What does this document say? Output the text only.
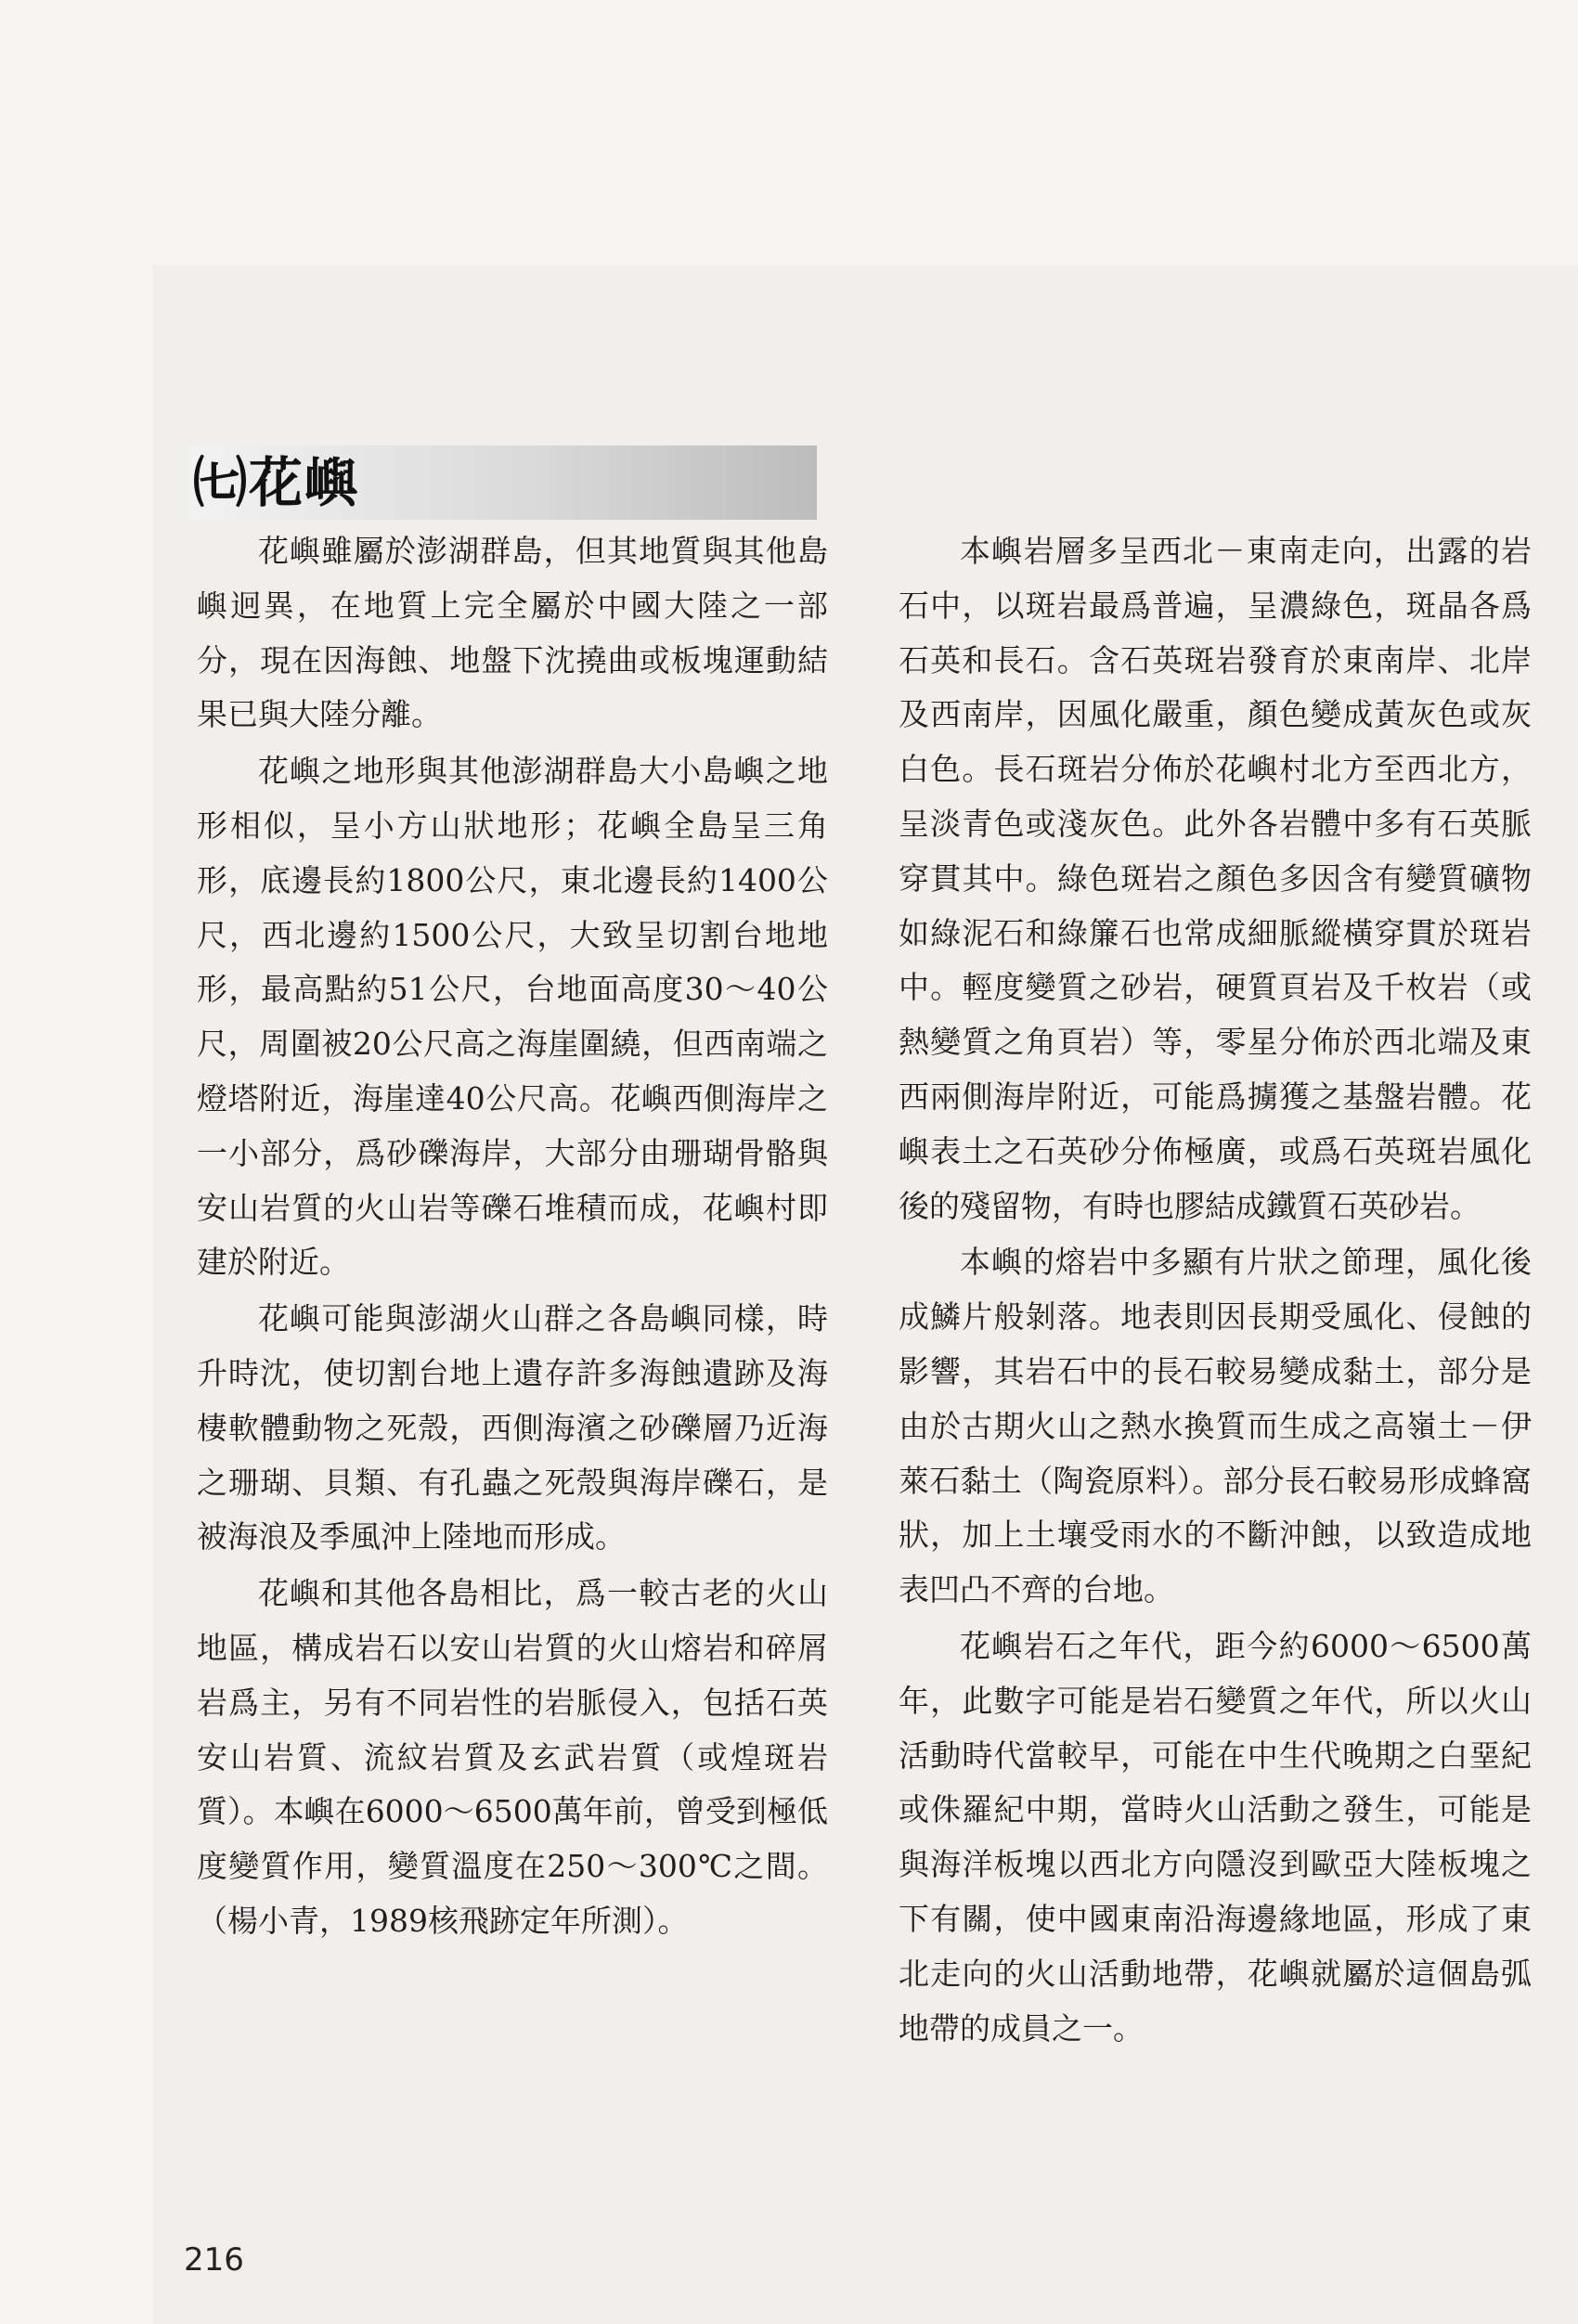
㈦花嶼

花嶼雖屬於澎湖群島，但其地質與其他島嶼迥異，在地質上完全屬於中國大陸之一部分，現在因海蝕、地盤下沈撓曲或板塊運動結果已與大陸分離。

花嶼之地形與其他澎湖群島大小島嶼之地形相似，呈小方山狀地形；花嶼全島呈三角形，底邊長約1800公尺，東北邊長約1400公尺，西北邊約1500公尺，大致呈切割台地地形，最高點約51公尺，台地面高度30～40公尺，周圍被20公尺高之海崖圍繞，但西南端之燈塔附近，海崖達40公尺高。花嶼西側海岸之一小部分，爲砂礫海岸，大部分由珊瑚骨骼與安山岩質的火山岩等礫石堆積而成，花嶼村即建於附近。

花嶼可能與澎湖火山群之各島嶼同樣，時升時沈，使切割台地上遺存許多海蝕遺跡及海棲軟體動物之死殼，西側海濱之砂礫層乃近海之珊瑚、貝類、有孔蟲之死殼與海岸礫石，是被海浪及季風沖上陸地而形成。

花嶼和其他各島相比，爲一較古老的火山地區，構成岩石以安山岩質的火山熔岩和碎屑岩爲主，另有不同岩性的岩脈侵入，包括石英安山岩質、流紋岩質及玄武岩質（或煌斑岩質）。本嶼在6000～6500萬年前，曾受到極低度變質作用，變質溫度在250～300℃之間。（楊小青，1989核飛跡定年所測）。

本嶼岩層多呈西北－東南走向，出露的岩石中，以斑岩最爲普遍，呈濃綠色，斑晶各爲石英和長石。含石英斑岩發育於東南岸、北岸及西南岸，因風化嚴重，顏色變成黃灰色或灰白色。長石斑岩分佈於花嶼村北方至西北方，呈淡青色或淺灰色。此外各岩體中多有石英脈穿貫其中。綠色斑岩之顏色多因含有變質礦物如綠泥石和綠簾石也常成細脈縱橫穿貫於斑岩中。輕度變質之砂岩，硬質頁岩及千枚岩（或熱變質之角頁岩）等，零星分佈於西北端及東西兩側海岸附近，可能爲擄獲之基盤岩體。花嶼表土之石英砂分佈極廣，或爲石英斑岩風化後的殘留物，有時也膠結成鐵質石英砂岩。

本嶼的熔岩中多顯有片狀之節理，風化後成鱗片般剝落。地表則因長期受風化、侵蝕的影響，其岩石中的長石較易變成黏土，部分是由於古期火山之熱水換質而生成之高嶺土－伊萊石黏土（陶瓷原料）。部分長石較易形成蜂窩狀，加上土壤受雨水的不斷沖蝕，以致造成地表凹凸不齊的台地。

花嶼岩石之年代，距今約6000～6500萬年，此數字可能是岩石變質之年代，所以火山活動時代當較早，可能在中生代晚期之白堊紀或侏羅紀中期，當時火山活動之發生，可能是與海洋板塊以西北方向隱沒到歐亞大陸板塊之下有關，使中國東南沿海邊緣地區，形成了東北走向的火山活動地帶，花嶼就屬於這個島弧地帶的成員之一。

216
